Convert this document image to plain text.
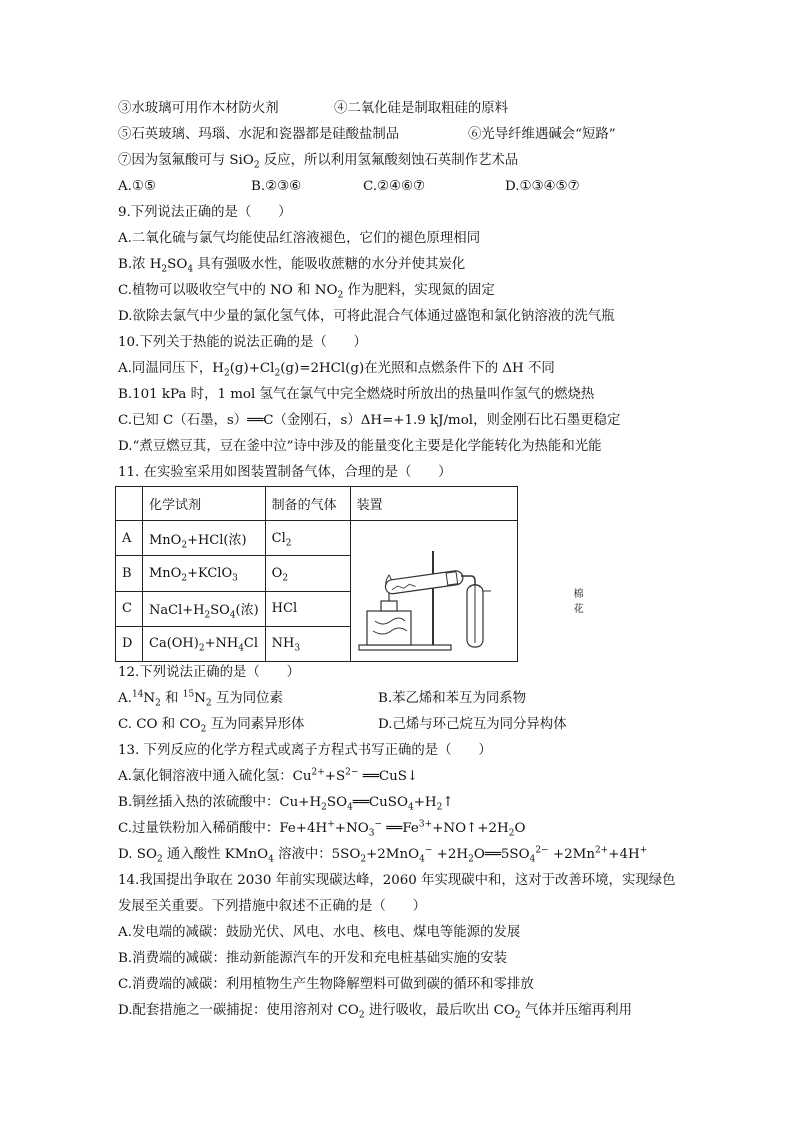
③水玻璃可用作木材防火剂	④二氧化硅是制取粗硅的原料
⑤石英玻璃、玛瑙、水泥和瓷器都是硅酸盐制品	⑥光导纤维遇碱会“短路”
⑦因为氢氟酸可与 SiO$_2$ 反应，所以利用氢氟酸刻蚀石英制作艺术品
A.①⑤	B.②③⑥	C.②④⑥⑦	D.①③④⑤⑦
9.下列说法正确的是（　　）
A.二氧化硫与氯气均能使品红溶液褪色，它们的褪色原理相同
B.浓 $H_2SO_4$ 具有强吸水性，能吸收蔗糖的水分并使其炭化
C.植物可以吸收空气中的 NO 和 $NO_2$ 作为肥料，实现氮的固定
D.欲除去氯气中少量的氯化氢气体，可将此混合气体通过盛饱和氯化钠溶液的洗气瓶
10.下列关于热能的说法正确的是（　　）
A.同温同压下，$H_2(g)+Cl_2(g)=2HCl(g)$在光照和点燃条件下的 ΔH 不同
B.101 kPa 时，1 mol 氢气在氯气中完全燃烧时所放出的热量叫作氢气的燃烧热
C.已知 C（石墨，s）══C（金刚石，s）ΔH=+1.9 kJ/mol，则金刚石比石墨更稳定
D.“煮豆燃豆萁，豆在釜中泣”诗中涉及的能量变化主要是化学能转化为热能和光能
11. 在实验室采用如图装置制备气体，合理的是（　　）
	化学试剂	制备的气体	装置
A	MnO$_2$+HCl(浓)	$Cl_2$	棉花

B	MnO$_2$+KClO$_3$	$O_2$
C	$NaCl+H_2SO_4$(浓)	HCl	
D	$Ca(OH)_2+NH_4Cl$	$NH_3$
12.下列说法正确的是（　　）
$A.^{14}N_2$ 和 $^{15}N_2$ 互为同位素	B.苯乙烯和苯互为同系物
C. CO 和 $CO_2$ 互为同素异形体	D.己烯与环己烷互为同分异构体
13. 下列反应的化学方程式或离子方程式书写正确的是（　　）
A.氯化铜溶液中通入硫化氢：$Cu^{2+}+S^{2-}$ ══CuS↓
B.铜丝插入热的浓硫酸中：$Cu+H_2SO_4══CuSO_4+H_2↑$
C.过量铁粉加入稀硝酸中：$Fe+4H^++NO_3^-$ $══Fe^{3+}+NO↑+2H_2O$
D. $SO_2$ 通入酸性 KMnO$_4$ 溶液中：$5SO_2+2MnO_4^-$ $+2H_2O══5SO_4^{2-} +2Mn^{2+}+4H^+$
14.我国提出争取在 2030 年前实现碳达峰，2060 年实现碳中和，这对于改善环境，实现绿色
发展至关重要。下列措施中叙述不正确的是（　　）
A.发电端的减碳：鼓励光伏、风电、水电、核电、煤电等能源的发展
B.消费端的减碳：推动新能源汽车的开发和充电桩基础实施的安装
C.消费端的减碳：利用植物生产生物降解塑料可做到碳的循环和零排放
D.配套措施之一碳捕捉：使用溶剂对 $CO_2$ 进行吸收，最后吹出 $CO_2$ 气体并压缩再利用
